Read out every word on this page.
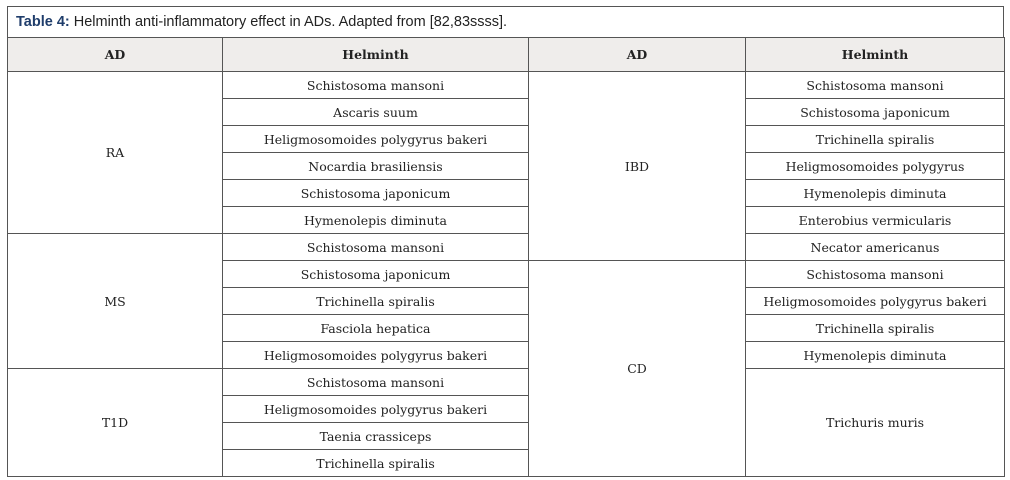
Table 4: Helminth anti-inflammatory effect in ADs. Adapted from [82,83ssss].
AD	Helminth	AD	Helminth
RA	Schistosoma mansoni	IBD	Schistosoma mansoni
	Ascaris suum		Schistosoma japonicum
	Heligmosomoides polygyrus bakeri		Trichinella spiralis
	Nocardia brasiliensis		Heligmosomoides polygyrus
	Schistosoma japonicum		Hymenolepis diminuta
	Hymenolepis diminuta		Enterobius vermicularis
MS	Schistosoma mansoni		Necator americanus
	Schistosoma japonicum	CD	Schistosoma mansoni
	Trichinella spiralis		Heligmosomoides polygyrus bakeri
	Fasciola hepatica		Trichinella spiralis
	Heligmosomoides polygyrus bakeri		Hymenolepis diminuta
T1D	Schistosoma mansoni		Trichuris muris
	Heligmosomoides polygyrus bakeri		
	Taenia crassiceps		
	Trichinella spiralis		
